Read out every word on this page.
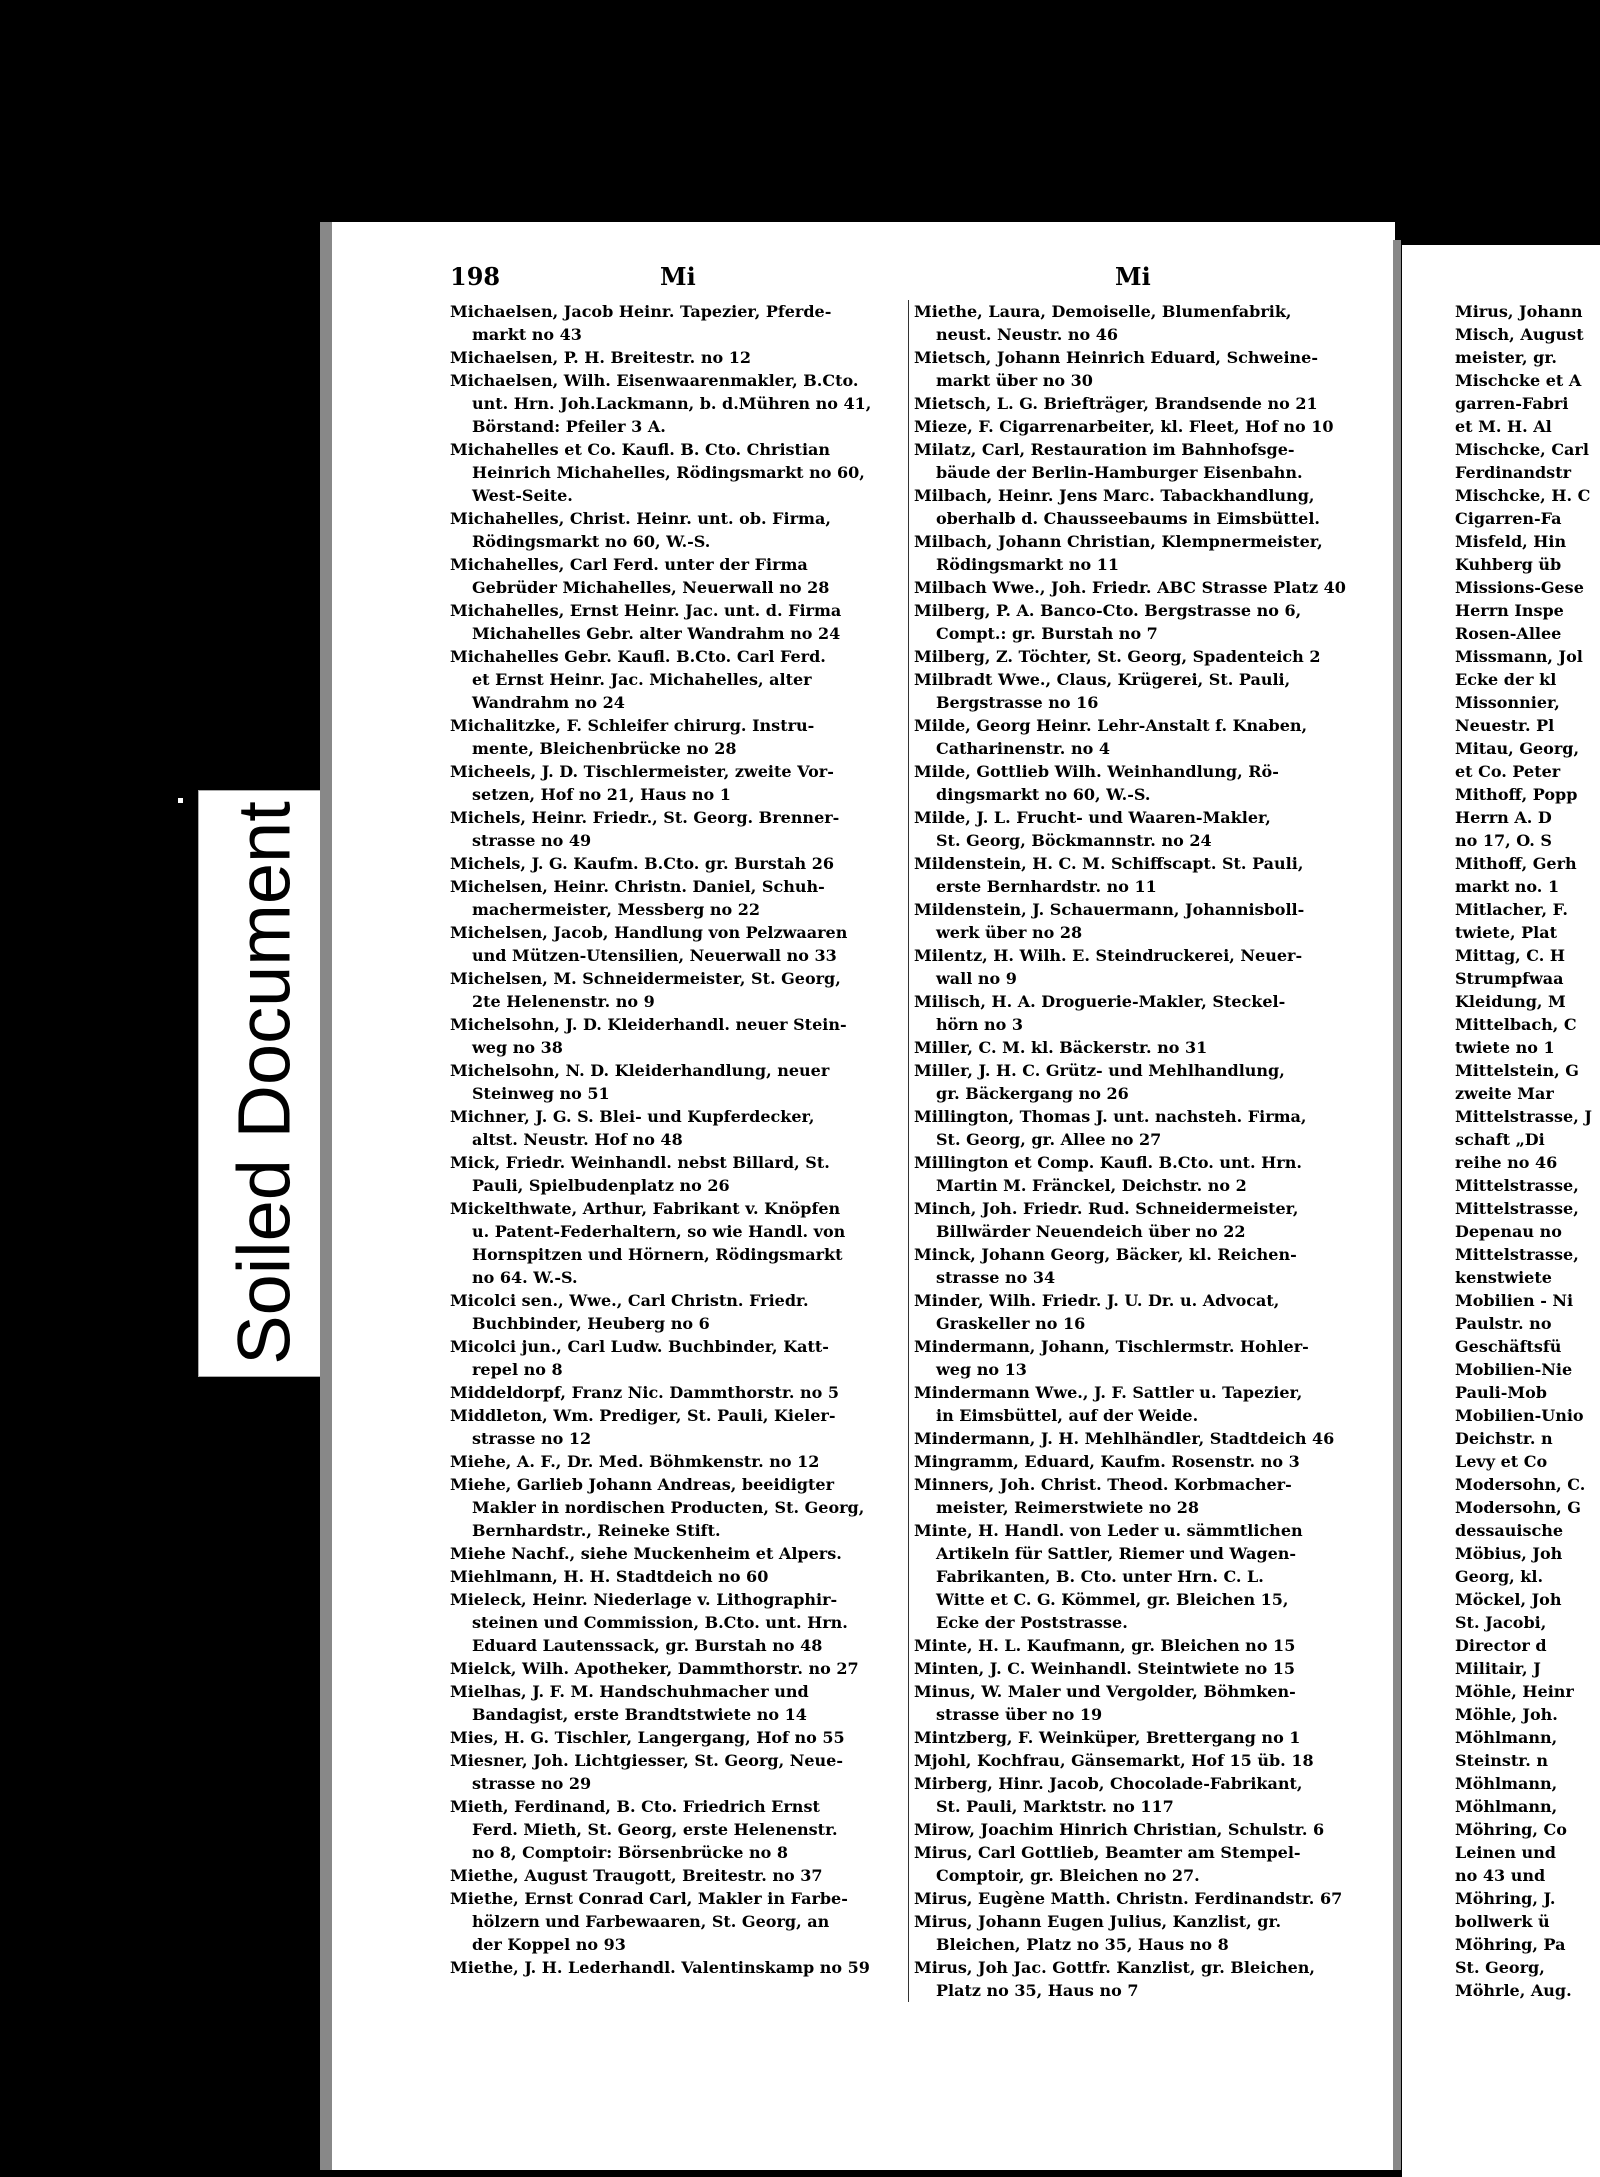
Soiled Document
198	Mi	Mi
Michaelsen, Jacob Heinr. Tapezier, Pferde-
markt no 43
Michaelsen, P. H. Breitestr. no 12
Michaelsen, Wilh. Eisenwaarenmakler, B.Cto.
unt. Hrn. Joh.Lackmann, b. d.Mühren no 41,
Börstand: Pfeiler 3 A.
Michahelles et Co. Kaufl. B. Cto. Christian
Heinrich Michahelles, Rödingsmarkt no 60,
West-Seite.
Michahelles, Christ. Heinr. unt. ob. Firma,
Rödingsmarkt no 60, W.-S.
Michahelles, Carl Ferd. unter der Firma
Gebrüder Michahelles, Neuerwall no 28
Michahelles, Ernst Heinr. Jac. unt. d. Firma
Michahelles Gebr. alter Wandrahm no 24
Michahelles Gebr. Kaufl. B.Cto. Carl Ferd.
et Ernst Heinr. Jac. Michahelles, alter
Wandrahm no 24
Michalitzke, F. Schleifer chirurg. Instru-
mente, Bleichenbrücke no 28
Micheels, J. D. Tischlermeister, zweite Vor-
setzen, Hof no 21, Haus no 1
Michels, Heinr. Friedr., St. Georg. Brenner-
strasse no 49
Michels, J. G. Kaufm. B.Cto. gr. Burstah 26
Michelsen, Heinr. Christn. Daniel, Schuh-
machermeister, Messberg no 22
Michelsen, Jacob, Handlung von Pelzwaaren
und Mützen-Utensilien, Neuerwall no 33
Michelsen, M. Schneidermeister, St. Georg,
2te Helenenstr. no 9
Michelsohn, J. D. Kleiderhandl. neuer Stein-
weg no 38
Michelsohn, N. D. Kleiderhandlung, neuer
Steinweg no 51
Michner, J. G. S. Blei- und Kupferdecker,
altst. Neustr. Hof no 48
Mick, Friedr. Weinhandl. nebst Billard, St.
Pauli, Spielbudenplatz no 26
Mickelthwate, Arthur, Fabrikant v. Knöpfen
u. Patent-Federhaltern, so wie Handl. von
Hornspitzen und Hörnern, Rödingsmarkt
no 64. W.-S.
Micolci sen., Wwe., Carl Christn. Friedr.
Buchbinder, Heuberg no 6
Micolci jun., Carl Ludw. Buchbinder, Katt-
repel no 8
Middeldorpf, Franz Nic. Dammthorstr. no 5
Middleton, Wm. Prediger, St. Pauli, Kieler-
strasse no 12
Miehe, A. F., Dr. Med. Böhmkenstr. no 12
Miehe, Garlieb Johann Andreas, beeidigter
Makler in nordischen Producten, St. Georg,
Bernhardstr., Reineke Stift.
Miehe Nachf., siehe Muckenheim et Alpers.
Miehlmann, H. H. Stadtdeich no 60
Mieleck, Heinr. Niederlage v. Lithographir-
steinen und Commission, B.Cto. unt. Hrn.
Eduard Lautenssack, gr. Burstah no 48
Mielck, Wilh. Apotheker, Dammthorstr. no 27
Mielhas, J. F. M. Handschuhmacher und
Bandagist, erste Brandtstwiete no 14
Mies, H. G. Tischler, Langergang, Hof no 55
Miesner, Joh. Lichtgiesser, St. Georg, Neue-
strasse no 29
Mieth, Ferdinand, B. Cto. Friedrich Ernst
Ferd. Mieth, St. Georg, erste Helenenstr.
no 8, Comptoir: Börsenbrücke no 8
Miethe, August Traugott, Breitestr. no 37
Miethe, Ernst Conrad Carl, Makler in Farbe-
hölzern und Farbewaaren, St. Georg, an
der Koppel no 93
Miethe, J. H. Lederhandl. Valentinskamp no 59
Miethe, Laura, Demoiselle, Blumenfabrik,
neust. Neustr. no 46
Mietsch, Johann Heinrich Eduard, Schweine-
markt über no 30
Mietsch, L. G. Briefträger, Brandsende no 21
Mieze, F. Cigarrenarbeiter, kl. Fleet, Hof no 10
Milatz, Carl, Restauration im Bahnhofsge-
bäude der Berlin-Hamburger Eisenbahn.
Milbach, Heinr. Jens Marc. Tabackhandlung,
oberhalb d. Chausseebaums in Eimsbüttel.
Milbach, Johann Christian, Klempnermeister,
Rödingsmarkt no 11
Milbach Wwe., Joh. Friedr. ABC Strasse Platz 40
Milberg, P. A. Banco-Cto. Bergstrasse no 6,
Compt.: gr. Burstah no 7
Milberg, Z. Töchter, St. Georg, Spadenteich 2
Milbradt Wwe., Claus, Krügerei, St. Pauli,
Bergstrasse no 16
Milde, Georg Heinr. Lehr-Anstalt f. Knaben,
Catharinenstr. no 4
Milde, Gottlieb Wilh. Weinhandlung, Rö-
dingsmarkt no 60, W.-S.
Milde, J. L. Frucht- und Waaren-Makler,
St. Georg, Böckmannstr. no 24
Mildenstein, H. C. M. Schiffscapt. St. Pauli,
erste Bernhardstr. no 11
Mildenstein, J. Schauermann, Johannisboll-
werk über no 28
Milentz, H. Wilh. E. Steindruckerei, Neuer-
wall no 9
Milisch, H. A. Droguerie-Makler, Steckel-
hörn no 3
Miller, C. M. kl. Bäckerstr. no 31
Miller, J. H. C. Grütz- und Mehlhandlung,
gr. Bäckergang no 26
Millington, Thomas J. unt. nachsteh. Firma,
St. Georg, gr. Allee no 27
Millington et Comp. Kaufl. B.Cto. unt. Hrn.
Martin M. Fränckel, Deichstr. no 2
Minch, Joh. Friedr. Rud. Schneidermeister,
Billwärder Neuendeich über no 22
Minck, Johann Georg, Bäcker, kl. Reichen-
strasse no 34
Minder, Wilh. Friedr. J. U. Dr. u. Advocat,
Graskeller no 16
Mindermann, Johann, Tischlermstr. Hohler-
weg no 13
Mindermann Wwe., J. F. Sattler u. Tapezier,
in Eimsbüttel, auf der Weide.
Mindermann, J. H. Mehlhändler, Stadtdeich 46
Mingramm, Eduard, Kaufm. Rosenstr. no 3
Minners, Joh. Christ. Theod. Korbmacher-
meister, Reimerstwiete no 28
Minte, H. Handl. von Leder u. sämmtlichen
Artikeln für Sattler, Riemer und Wagen-
Fabrikanten, B. Cto. unter Hrn. C. L.
Witte et C. G. Kömmel, gr. Bleichen 15,
Ecke der Poststrasse.
Minte, H. L. Kaufmann, gr. Bleichen no 15
Minten, J. C. Weinhandl. Steintwiete no 15
Minus, W. Maler und Vergolder, Böhmken-
strasse über no 19
Mintzberg, F. Weinküper, Brettergang no 1
Mjohl, Kochfrau, Gänsemarkt, Hof 15 üb. 18
Mirberg, Hinr. Jacob, Chocolade-Fabrikant,
St. Pauli, Marktstr. no 117
Mirow, Joachim Hinrich Christian, Schulstr. 6
Mirus, Carl Gottlieb, Beamter am Stempel-
Comptoir, gr. Bleichen no 27.
Mirus, Eugène Matth. Christn. Ferdinandstr. 67
Mirus, Johann Eugen Julius, Kanzlist, gr.
Bleichen, Platz no 35, Haus no 8
Mirus, Joh Jac. Gottfr. Kanzlist, gr. Bleichen,
Platz no 35, Haus no 7
Mirus, Johann
Misch, August
meister, gr.
Mischcke et A
garren-Fabri
et M. H. Al
Mischcke, Carl
Ferdinandstr
Mischcke, H. C
Cigarren-Fa
Misfeld, Hin
Kuhberg üb
Missions-Gese
Herrn Inspe
Rosen-Allee
Missmann, Jol
Ecke der kl
Missonnier,
Neuestr. Pl
Mitau, Georg,
et Co. Peter
Mithoff, Popp
Herrn A. D
no 17, O. S
Mithoff, Gerh
markt no. 1
Mitlacher, F.
twiete, Plat
Mittag, C. H
Strumpfwaa
Kleidung, M
Mittelbach, C
twiete no 1
Mittelstein, G
zweite Mar
Mittelstrasse, J
schaft „Di
reihe no 46
Mittelstrasse,
Mittelstrasse,
Depenau no
Mittelstrasse,
kenstwiete
Mobilien - Ni
Paulstr. no
Geschäftsfü
Mobilien-Nie
Pauli-Mob
Mobilien-Unio
Deichstr. n
Levy et Co
Modersohn, C.
Modersohn, G
dessauische
Möbius, Joh
Georg, kl.
Möckel, Joh
St. Jacobi,
Director d
Militair, J
Möhle, Heinr
Möhle, Joh.
Möhlmann,
Steinstr. n
Möhlmann,
Möhlmann,
Möhring, Co
Leinen und
no 43 und
Möhring, J.
bollwerk ü
Möhring, Pa
St. Georg,
Möhrle, Aug.
